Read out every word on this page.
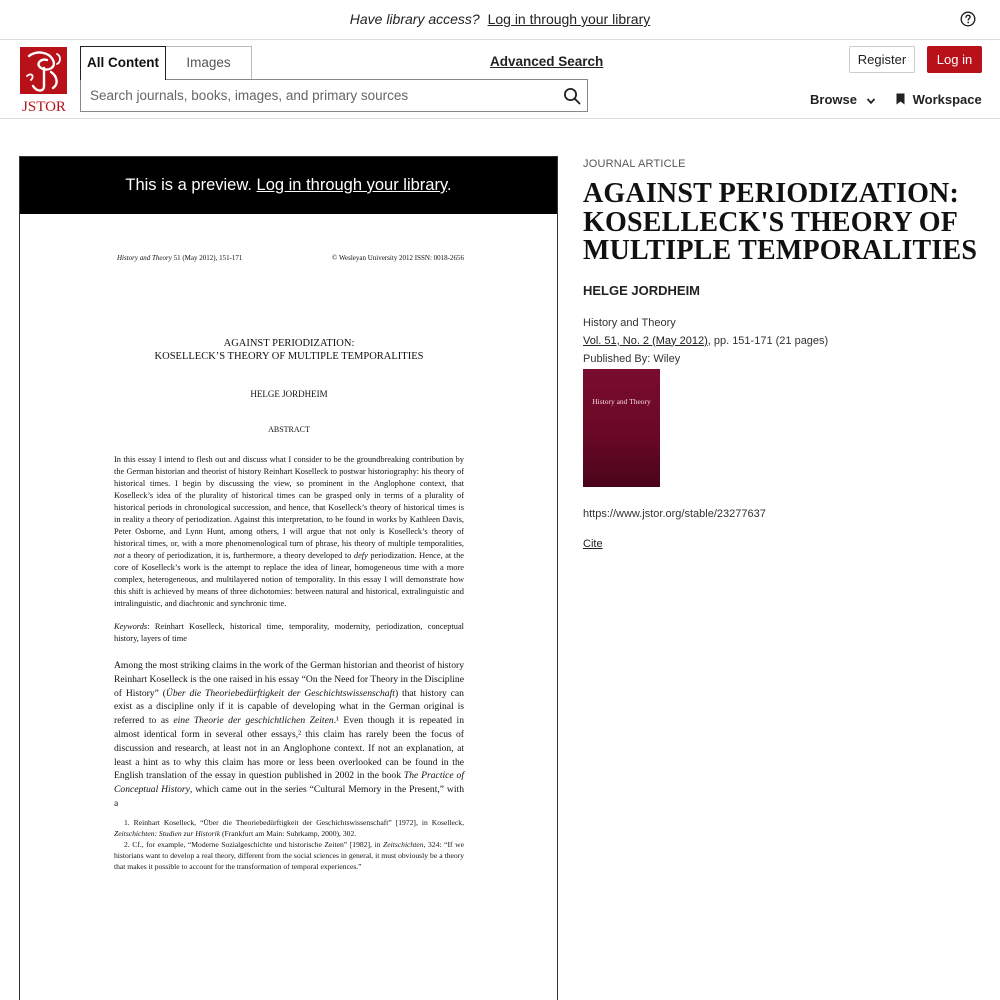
Have library access? Log in through your library
JSTOR
All Content	Images	Advanced Search
Search journals, books, images, and primary sources	Register	Log in
Browse	Workspace
This is a preview. Log in through your library.
History and Theory 51 (May 2012), 151-171	© Wesleyan University 2012 ISSN: 0018-2656
AGAINST PERIODIZATION:
KOSELLECK’S THEORY OF MULTIPLE TEMPORALITIES
HELGE JORDHEIM
ABSTRACT
In this essay I intend to flesh out and discuss what I consider to be the groundbreaking contribution by the German historian and theorist of history Reinhart Koselleck to postwar historiography: his theory of historical times. I begin by discussing the view, so prominent in the Anglophone context, that Koselleck’s idea of the plurality of historical times can be grasped only in terms of a plurality of historical periods in chronological succession, and hence, that Koselleck’s theory of historical times is in reality a theory of periodization. Against this interpretation, to be found in works by Kathleen Davis, Peter Osborne, and Lynn Hunt, among others, I will argue that not only is Koselleck’s theory of historical times, or, with a more phenomenological turn of phrase, his theory of multiple temporalities, not a theory of periodization, it is, furthermore, a theory developed to defy periodization. Hence, at the core of Koselleck’s work is the attempt to replace the idea of linear, homogeneous time with a more complex, heterogeneous, and multilayered notion of temporality. In this essay I will demonstrate how this shift is achieved by means of three dichotomies: between natural and historical, extralinguistic and intralinguistic, and diachronic and synchronic time.
Keywords: Reinhart Koselleck, historical time, temporality, modernity, periodization, conceptual history, layers of time
Among the most striking claims in the work of the German historian and theorist of history Reinhart Koselleck is the one raised in his essay “On the Need for Theory in the Discipline of History” (Über die Theoriebedürftigkeit der Geschichtswissenschaft) that history can exist as a discipline only if it is capable of developing what in the German original is referred to as eine Theorie der geschichtlichen Zeiten.¹ Even though it is repeated in almost identical form in several other essays,² this claim has rarely been the focus of discussion and research, at least not in an Anglophone context. If not an explanation, at least a hint as to why this claim has more or less been overlooked can be found in the English translation of the essay in question published in 2002 in the book The Practice of Conceptual History, which came out in the series “Cultural Memory in the Present,” with a
1. Reinhart Koselleck, “Über die Theoriebedürftigkeit der Geschichtswissenschaft” [1972], in Koselleck, Zeitschichten: Studien zur Historik (Frankfurt am Main: Suhrkamp, 2000), 302.
2. Cf., for example, “Moderne Sozialgeschichte und historische Zeiten” [1982], in Zeitschichten, 324: “If we historians want to develop a real theory, different from the social sciences in general, it must obviously be a theory that makes it possible to account for the transformation of temporal experiences.”
JOURNAL ARTICLE
AGAINST PERIODIZATION: KOSELLECK'S THEORY OF MULTIPLE TEMPORALITIES
HELGE JORDHEIM
History and Theory
Vol. 51, No. 2 (May 2012), pp. 151-171 (21 pages)
Published By: Wiley
History and Theory
https://www.jstor.org/stable/23277637
Cite
